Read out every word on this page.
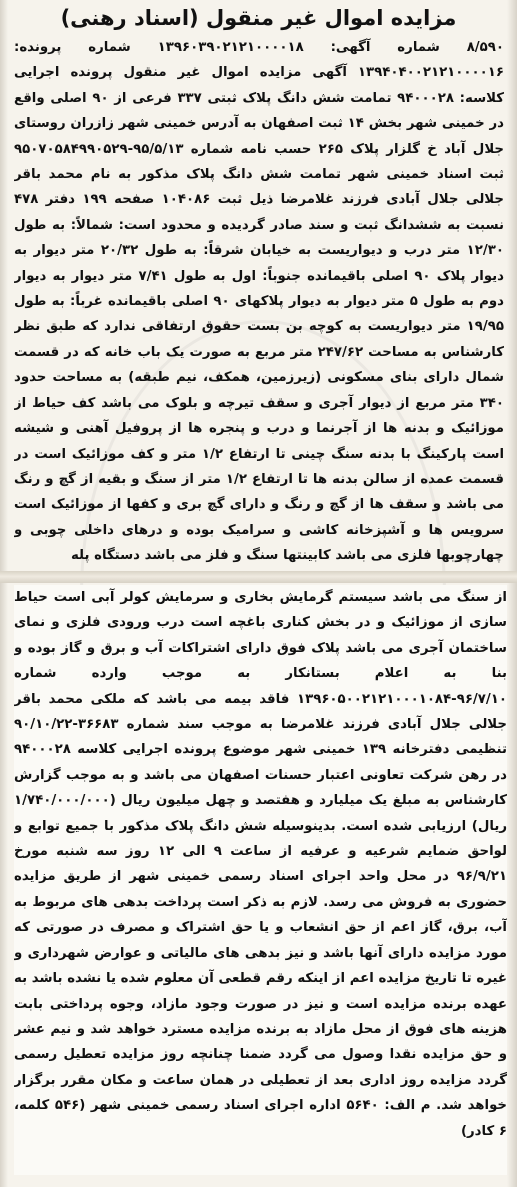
مزایده اموال غیر منقول (اسناد رهنی)
۸/۵۹۰ شماره آگهی: ۱۳۹۶۰۳۹۰۲۱۲۱۰۰۰۰۱۸ شماره پرونده: ۱۳۹۴۰۴۰۰۲۱۲۱۰۰۰۰۱۶ آگهی مزایده اموال غیر منقول پرونده اجرایی کلاسه: ۹۴۰۰۰۲۸ تمامت شش دانگ پلاک ثبتی ۳۳۷ فرعی از ۹۰ اصلی واقع در خمینی شهر بخش ۱۴ ثبت اصفهان به آدرس خمینی شهر زازران روستای جلال آباد خ گلزار پلاک ۲۶۵ حسب نامه شماره ۹۵/۵/۱۳-۹۵۰۷۰۵۸۴۹۹۰۵۲۹ ثبت اسناد خمینی شهر تمامت شش دانگ پلاک مذکور به نام محمد باقر جلالی جلال آبادی فرزند غلامرضا ذیل ثبت ۱۰۴۰۸۶ صفحه ۱۹۹ دفتر ۴۷۸ نسبت به ششدانگ ثبت و سند صادر گردیده و محدود است: شمالاً: به طول ۱۲/۳۰ متر درب و دیواریست به خیابان شرقاً: به طول ۲۰/۳۲ متر دیوار به دیوار پلاک ۹۰ اصلی باقیمانده جنوباً: اول به طول ۷/۴۱ متر دیوار به دیوار دوم به طول ۵ متر دیوار به دیوار پلاکهای ۹۰ اصلی باقیمانده غرباً: به طول ۱۹/۹۵ متر دیواریست به کوچه بن بست حقوق ارتفاقی ندارد که طبق نظر کارشناس به مساحت ۲۴۷/۶۲ متر مربع به صورت یک باب خانه که در قسمت شمال دارای بنای مسکونی (زیرزمین، همکف، نیم طبقه) به مساحت حدود ۳۴۰ متر مربع از دیوار آجری و سقف تیرچه و بلوک می باشد کف حیاط از موزائیک و بدنه ها از آجرنما و درب و پنجره ها از پروفیل آهنی و شیشه است پارکینگ با بدنه سنگ چینی تا ارتفاع ۱/۲ متر و کف موزائیک است در قسمت عمده از سالن بدنه ها تا ارتفاع ۱/۲ متر از سنگ و بقیه از گچ و رنگ می باشد و سقف ها از گچ و رنگ و دارای گچ بری و کفها از موزائیک است سرویس ها و آشپزخانه کاشی و سرامیک بوده و درهای داخلی چوبی و چهارچوبها فلزی می باشد کابینتها سنگ و فلز می باشد دستگاه پله
از سنگ می باشد سیستم گرمایش بخاری و سرمایش کولر آبی است حیاط سازی از موزائیک و در بخش کناری باغچه است درب ورودی فلزی و نمای ساختمان آجری می باشد پلاک فوق دارای اشتراکات آب و برق و گاز بوده و بنا به اعلام بستانکار به موجب وارده شماره ۹۶/۷/۱۰-۱۳۹۶۰۵۰۰۲۱۲۱۰۰۰۱۰۸۴ فاقد بیمه می باشد که ملکی محمد باقر جلالی جلال آبادی فرزند غلامرضا به موجب سند شماره ۳۶۶۸۳-۹۰/۱۰/۲۲ تنظیمی دفترخانه ۱۳۹ خمینی شهر موضوع پرونده اجرایی کلاسه ۹۴۰۰۰۲۸ در رهن شرکت تعاونی اعتبار حسنات اصفهان می باشد و به موجب گزارش کارشناس به مبلغ یک میلیارد و هفتصد و چهل میلیون ریال (۱/۷۴۰/۰۰۰/۰۰۰ ریال) ارزیابی شده است. بدینوسیله شش دانگ پلاک مذکور با جمیع توابع و لواحق ضمایم شرعیه و عرفیه از ساعت ۹ الی ۱۲ روز سه شنبه مورخ ۹۶/۹/۲۱ در محل واحد اجرای اسناد رسمی خمینی شهر از طریق مزایده حضوری به فروش می رسد. لازم به ذکر است پرداخت بدهی های مربوط به آب، برق، گاز اعم از حق انشعاب و یا حق اشتراک و مصرف در صورتی که مورد مزایده دارای آنها باشد و نیز بدهی های مالیاتی و عوارض شهرداری و غیره تا تاریخ مزایده اعم از اینکه رقم قطعی آن معلوم شده یا نشده باشد به عهده برنده مزایده است و نیز در صورت وجود مازاد، وجوه پرداختی بابت هزینه های فوق از محل مازاد به برنده مزایده مسترد خواهد شد و نیم عشر و حق مزایده نقدا وصول می گردد ضمنا چنانچه روز مزایده تعطیل رسمی گردد مزایده روز اداری بعد از تعطیلی در همان ساعت و مکان مقرر برگزار خواهد شد. م الف: ۵۶۴۰ اداره اجرای اسناد رسمی خمینی شهر (۵۴۶ کلمه، ۶ کادر)
